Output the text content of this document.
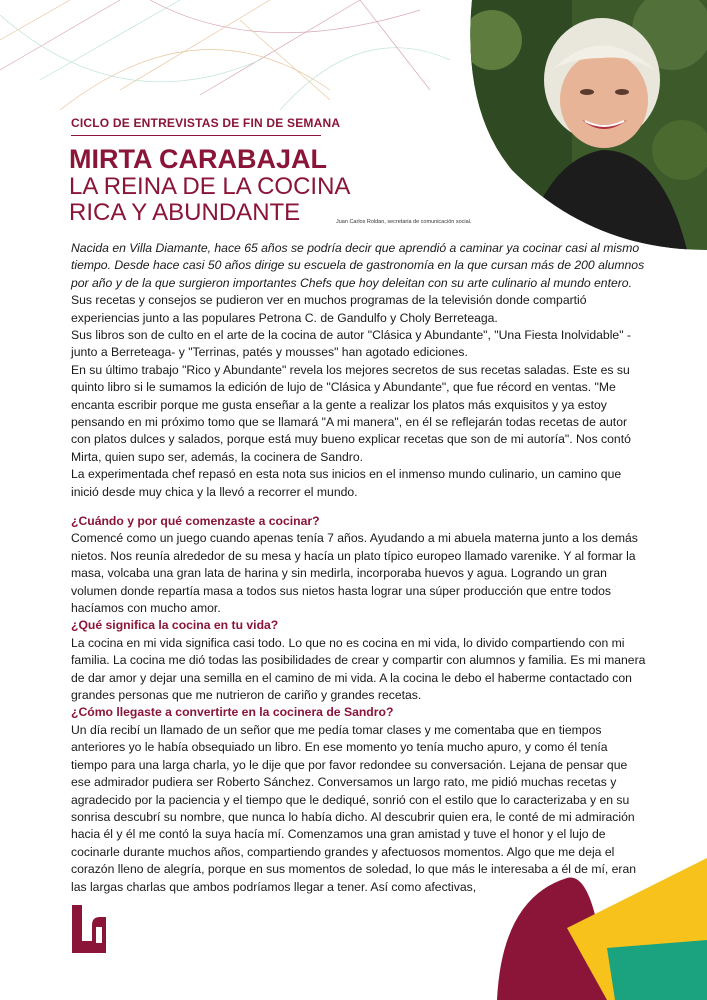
CICLO DE ENTREVISTAS DE FIN DE SEMANA
MIRTA CARABAJAL
LA REINA DE LA COCINA
RICA Y ABUNDANTE	Juan Carlos Roldan, secretaria de comunicación social.

Nacida en Villa Diamante, hace 65 años se podría decir que aprendió a caminar ya cocinar casi al mismo tiempo. Desde hace casi 50 años dirige su escuela de gastronomía en la que cursan más de 200 alumnos por año y de la que surgieron importantes Chefs que hoy deleitan con su arte culinario al mundo entero.

Sus recetas y consejos se pudieron ver en muchos programas de la televisión donde compartió experiencias junto a las populares Petrona C. de Gandulfo y Choly Berreteaga.

Sus libros son de culto en el arte de la cocina de autor "Clásica y Abundante", "Una Fiesta Inolvidable" -junto a Berreteaga- y "Terrinas, patés y mousses" han agotado ediciones.

En su último trabajo "Rico y Abundante" revela los mejores secretos de sus recetas saladas. Este es su quinto libro si le sumamos la edición de lujo de "Clásica y Abundante", que fue récord en ventas. "Me encanta escribir porque me gusta enseñar a la gente a realizar los platos más exquisitos y ya estoy pensando en mi próximo tomo que se llamará "A mi manera", en él se reflejarán todas recetas de autor con platos dulces y salados, porque está muy bueno explicar recetas que son de mi autoría". Nos contó Mirta, quien supo ser, además, la cocinera de Sandro.

La experimentada chef repasó en esta nota sus inicios en el inmenso mundo culinario, un camino que inició desde muy chica y la llevó a recorrer el mundo.

¿Cuándo y por qué comenzaste a cocinar?

Comencé como un juego cuando apenas tenía 7 años. Ayudando a mi abuela materna junto a los demás nietos. Nos reunía alrededor de su mesa y hacía un plato típico europeo llamado varenike. Y al formar la masa, volcaba una gran lata de harina y sin medirla, incorporaba huevos y agua. Logrando un gran volumen donde repartía masa a todos sus nietos hasta lograr una súper producción que entre todos hacíamos con mucho amor.

¿Qué significa la cocina en tu vida?

La cocina en mi vida significa casi todo. Lo que no es cocina en mi vida, lo divido compartiendo con mi familia. La cocina me dió todas las posibilidades de crear y compartir con alumnos y familia. Es mi manera de dar amor y dejar una semilla en el camino de mi vida. A la cocina le debo el haberme contactado con grandes personas que me nutrieron de cariño y grandes recetas.

¿Cómo llegaste a convertirte en la cocinera de Sandro?

Un día recibí un llamado de un señor que me pedía tomar clases y me comentaba que en tiempos anteriores yo le había obsequiado un libro. En ese momento yo tenía mucho apuro, y como él tenía tiempo para una larga charla, yo le dije que por favor redondee su conversación. Lejana de pensar que ese admirador pudiera ser Roberto Sánchez. Conversamos un largo rato, me pidió muchas recetas y agradecido por la paciencia y el tiempo que le dediqué, sonrió con el estilo que lo caracterizaba y en su sonrisa descubrí su nombre, que nunca lo había dicho. Al descubrir quien era, le conté de mi admiración hacia él y él me contó la suya hacía mí. Comenzamos una gran amistad y tuve el honor y el lujo de cocinarle durante muchos años, compartiendo grandes y afectuosos momentos. Algo que me deja el corazón lleno de alegría, porque en sus momentos de soledad, lo que más le interesaba a él de mí, eran las largas charlas que ambos podríamos llegar a tener. Así como afectivas,
